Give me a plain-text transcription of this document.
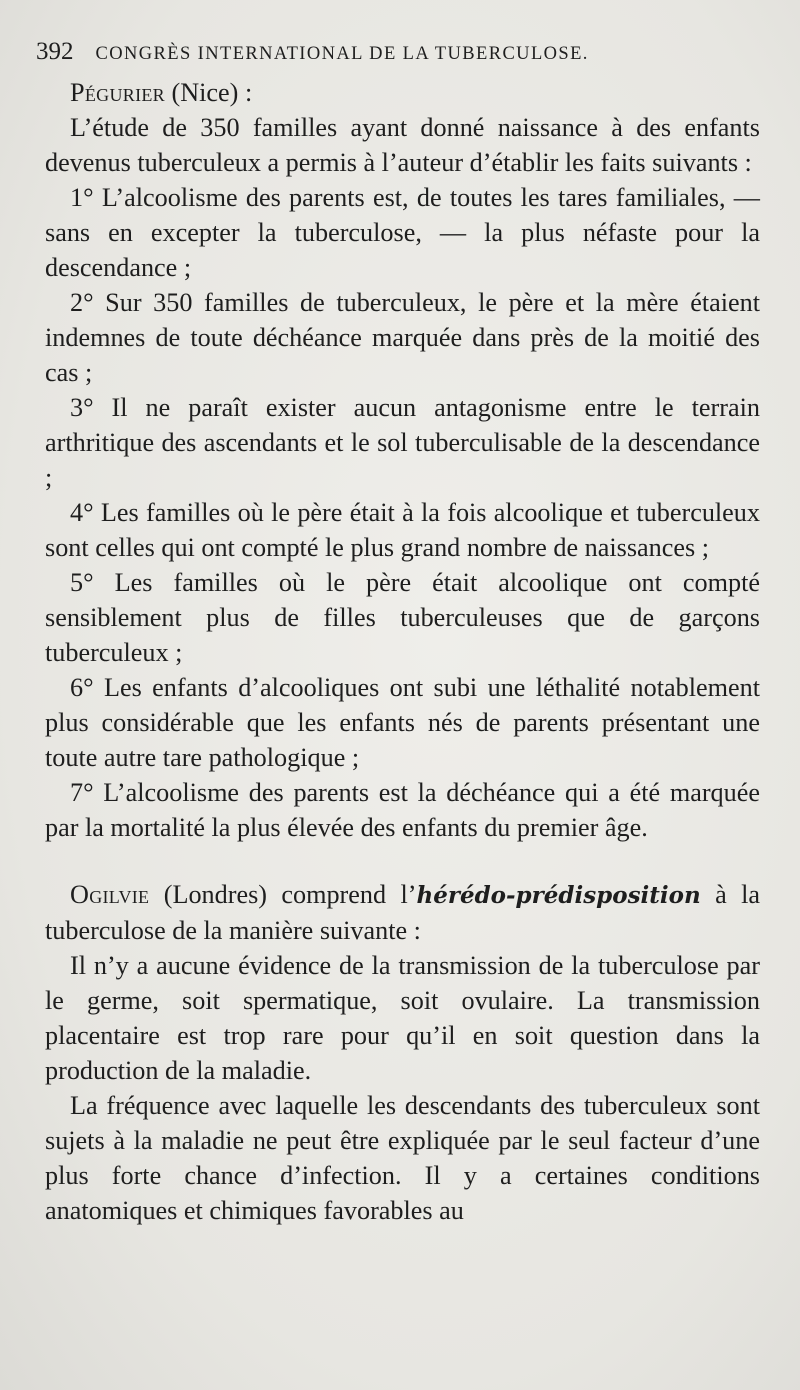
392 CONGRÈS INTERNATIONAL DE LA TUBERCULOSE.

Pégurier (Nice) :

L’étude de 350 familles ayant donné naissance à des enfants devenus tuberculeux a permis à l’auteur d’établir les faits suivants :

1° L’alcoolisme des parents est, de toutes les tares familiales, — sans en excepter la tuberculose, — la plus néfaste pour la descendance ;

2° Sur 350 familles de tuberculeux, le père et la mère étaient indemnes de toute déchéance marquée dans près de la moitié des cas ;

3° Il ne paraît exister aucun antagonisme entre le terrain arthritique des ascendants et le sol tuberculisable de la descendance ;

4° Les familles où le père était à la fois alcoolique et tuberculeux sont celles qui ont compté le plus grand nombre de naissances ;

5° Les familles où le père était alcoolique ont compté sensiblement plus de filles tuberculeuses que de garçons tuberculeux ;

6° Les enfants d’alcooliques ont subi une léthalité notablement plus considérable que les enfants nés de parents présentant une toute autre tare pathologique ;

7° L’alcoolisme des parents est la déchéance qui a été marquée par la mortalité la plus élevée des enfants du premier âge.

Ogilvie (Londres) comprend l’hérédo-prédisposition à la tuberculose de la manière suivante :

Il n’y a aucune évidence de la transmission de la tuberculose par le germe, soit spermatique, soit ovulaire. La transmission placentaire est trop rare pour qu’il en soit question dans la production de la maladie.

La fréquence avec laquelle les descendants des tuberculeux sont sujets à la maladie ne peut être expliquée par le seul facteur d’une plus forte chance d’infection. Il y a certaines conditions anatomiques et chimiques favorables au
